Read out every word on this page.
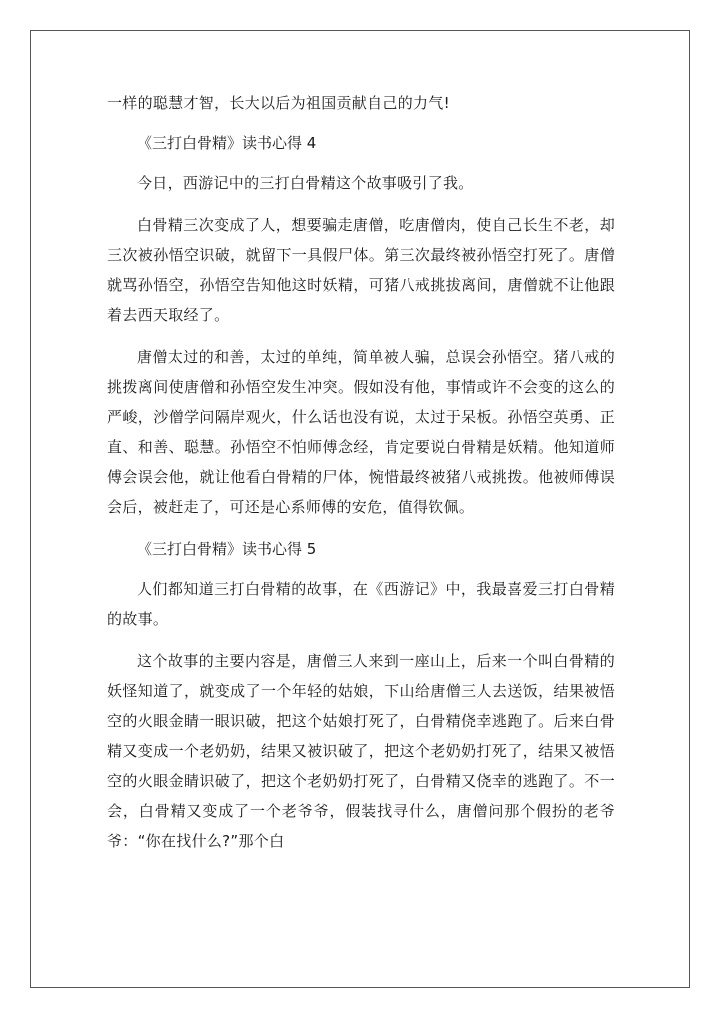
一样的聪慧才智，长大以后为祖国贡献自己的力气!

《三打白骨精》读书心得 4

今日，西游记中的三打白骨精这个故事吸引了我。

白骨精三次变成了人，想要骗走唐僧，吃唐僧肉，使自己长生不老，却三次被孙悟空识破，就留下一具假尸体。第三次最终被孙悟空打死了。唐僧就骂孙悟空，孙悟空告知他这时妖精，可猪八戒挑拔离间，唐僧就不让他跟着去西天取经了。

唐僧太过的和善，太过的单纯，简单被人骗，总误会孙悟空。猪八戒的挑拨离间使唐僧和孙悟空发生冲突。假如没有他，事情或许不会变的这么的严峻，沙僧学问隔岸观火，什么话也没有说，太过于呆板。孙悟空英勇、正直、和善、聪慧。孙悟空不怕师傅念经，肯定要说白骨精是妖精。他知道师傅会误会他，就让他看白骨精的尸体，惋惜最终被猪八戒挑拨。他被师傅误会后，被赶走了，可还是心系师傅的安危，值得钦佩。

《三打白骨精》读书心得 5

人们都知道三打白骨精的故事，在《西游记》中，我最喜爱三打白骨精的故事。

这个故事的主要内容是，唐僧三人来到一座山上，后来一个叫白骨精的妖怪知道了，就变成了一个年轻的姑娘，下山给唐僧三人去送饭，结果被悟空的火眼金睛一眼识破，把这个姑娘打死了，白骨精侥幸逃跑了。后来白骨精又变成一个老奶奶，结果又被识破了，把这个老奶奶打死了，结果又被悟空的火眼金睛识破了，把这个老奶奶打死了，白骨精又侥幸的逃跑了。不一会，白骨精又变成了一个老爷爷，假装找寻什么，唐僧问那个假扮的老爷爷：“你在找什么?”那个白
